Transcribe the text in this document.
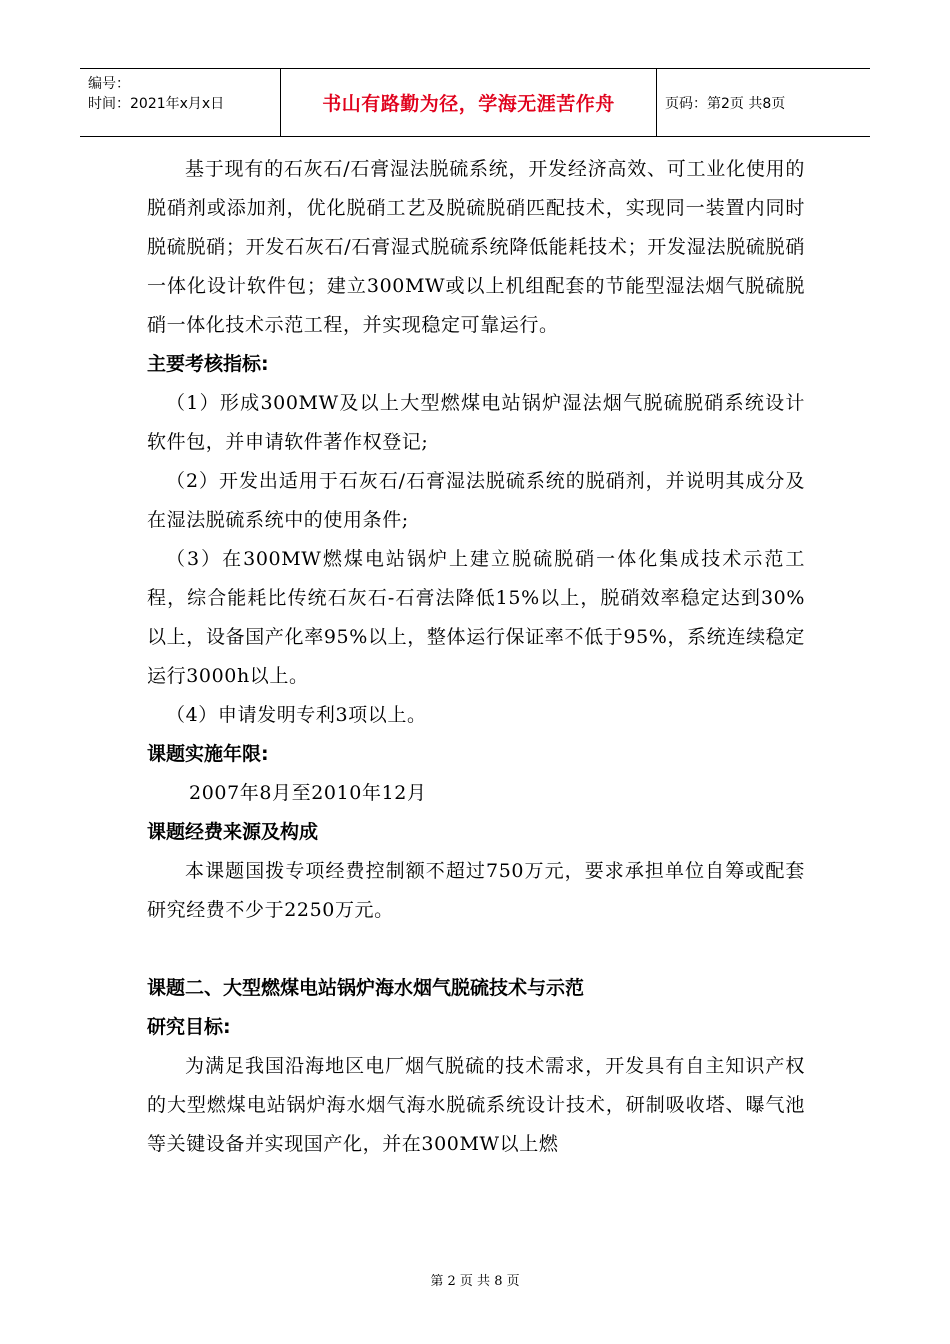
编号：
时间：2021年x月x日	书山有路勤为径，学海无涯苦作舟	页码：第2页 共8页

基于现有的石灰石/石膏湿法脱硫系统，开发经济高效、可工业化使用的脱硝剂或添加剂，优化脱硝工艺及脱硫脱硝匹配技术，实现同一装置内同时脱硫脱硝；开发石灰石/石膏湿式脱硫系统降低能耗技术；开发湿法脱硫脱硝一体化设计软件包；建立300MW或以上机组配套的节能型湿法烟气脱硫脱硝一体化技术示范工程，并实现稳定可靠运行。

主要考核指标:

（1）形成300MW及以上大型燃煤电站锅炉湿法烟气脱硫脱硝系统设计软件包，并申请软件著作权登记;

（2）开发出适用于石灰石/石膏湿法脱硫系统的脱硝剂，并说明其成分及在湿法脱硫系统中的使用条件;

（3）在300MW燃煤电站锅炉上建立脱硫脱硝一体化集成技术示范工程，综合能耗比传统石灰石-石膏法降低15%以上，脱硝效率稳定达到30%以上，设备国产化率95%以上，整体运行保证率不低于95%，系统连续稳定运行3000h以上。

（4）申请发明专利3项以上。

课题实施年限:

2007年8月至2010年12月

课题经费来源及构成

本课题国拨专项经费控制额不超过750万元，要求承担单位自筹或配套研究经费不少于2250万元。

课题二、大型燃煤电站锅炉海水烟气脱硫技术与示范
研究目标:

为满足我国沿海地区电厂烟气脱硫的技术需求，开发具有自主知识产权的大型燃煤电站锅炉海水烟气海水脱硫系统设计技术，研制吸收塔、曝气池等关键设备并实现国产化，并在300MW以上燃

第 2 页 共 8 页
